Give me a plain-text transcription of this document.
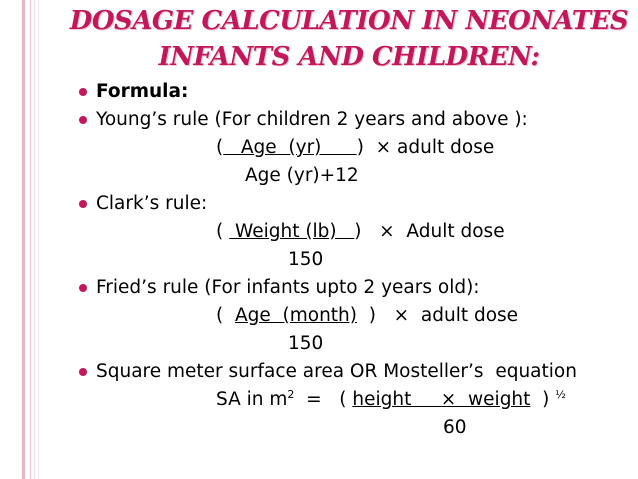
DOSAGE CALCULATION IN NEONATES
INFANTS AND CHILDREN:
Formula:
Young’s rule (For children 2 years and above ):
(   Age  (yr)      )  × adult dose
Age (yr)+12
Clark’s rule:
(  Weight (lb)   )   ×  Adult dose
150
Fried’s rule (For infants upto 2 years old):
(  Age  (month)  )   ×  adult dose
150
Square meter surface area OR Mosteller’s  equation
SA in $m^2$  =   ( height     ×  weight  ) $^{\frac{1}{2}}$
60
